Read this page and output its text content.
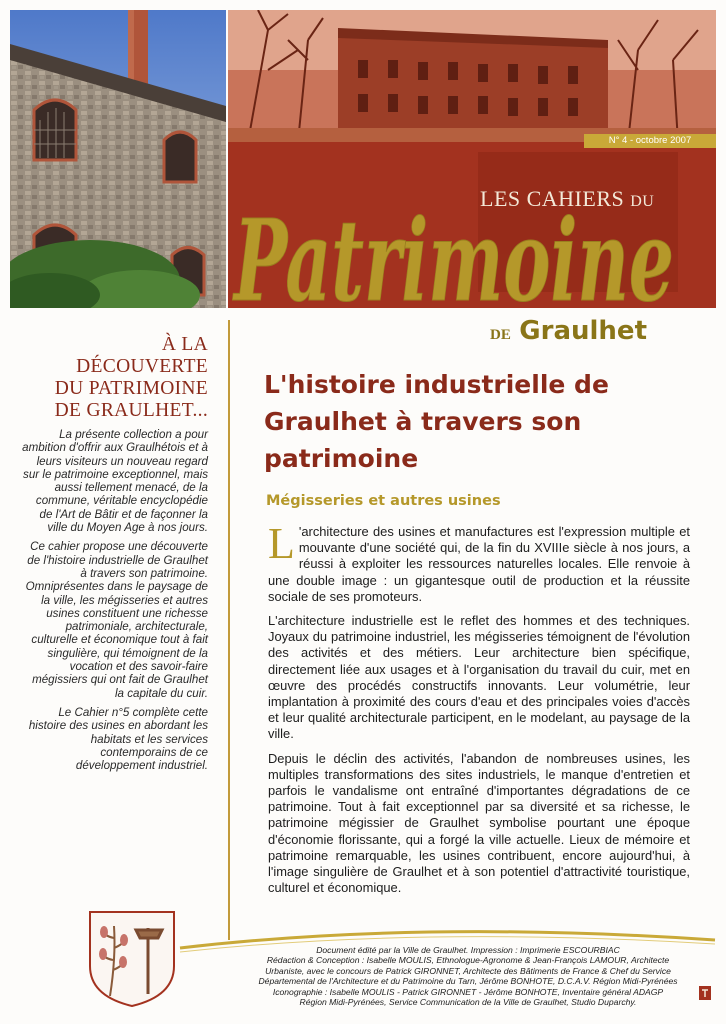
N° 4 - octobre 2007
LES CAHIERS DU
Patrimoine
DE Graulhet
À LA
DÉCOUVERTE
DU PATRIMOINE
DE GRAULHET...

La présente collection a pour ambition d'offrir aux Graulhétois et à leurs visiteurs un nouveau regard sur le patrimoine exceptionnel, mais aussi tellement menacé, de la commune, véritable encyclopédie de l'Art de Bâtir et de façonner la ville du Moyen Age à nos jours.

Ce cahier propose une découverte de l'histoire industrielle de Graulhet à travers son patrimoine. Omniprésentes dans le paysage de la ville, les mégisseries et autres usines constituent une richesse patrimoniale, architecturale, culturelle et économique tout à fait singulière, qui témoignent de la vocation et des savoir-faire mégissiers qui ont fait de Graulhet la capitale du cuir.

Le Cahier n°5 complète cette histoire des usines en abordant les habitats et les services contemporains de ce développement industriel.

L'histoire industrielle de Graulhet à travers son patrimoine
Mégisseries et autres usines

L 'architecture des usines et manufactures est l'expression multiple et mouvante d'une société qui, de la fin du XVIIIe siècle à nos jours, a réussi à exploiter les ressources naturelles locales. Elle renvoie à une double image : un gigantesque outil de production et la réussite sociale de ses promoteurs.

L'architecture industrielle est le reflet des hommes et des techniques. Joyaux du patrimoine industriel, les mégisseries témoignent de l'évolution des activités et des métiers. Leur architecture bien spécifique, directement liée aux usages et à l'organisation du travail du cuir, met en œuvre des procédés constructifs innovants. Leur volumétrie, leur implantation à proximité des cours d'eau et des principales voies d'accès et leur qualité architecturale participent, en le modelant, au paysage de la ville.

Depuis le déclin des activités, l'abandon de nombreuses usines, les multiples transformations des sites industriels, le manque d'entretien et parfois le vandalisme ont entraîné d'importantes dégradations de ce patrimoine. Tout à fait exceptionnel par sa diversité et sa richesse, le patrimoine mégissier de Graulhet symbolise pourtant une époque d'économie florissante, qui a forgé la ville actuelle. Lieux de mémoire et patrimoine remarquable, les usines contribuent, encore aujourd'hui, à l'image singulière de Graulhet et à son potentiel d'attractivité touristique, culturel et économique.

Document édité par la Ville de Graulhet. Impression : Imprimerie ESCOURBIAC
Rédaction & Conception : Isabelle MOULIS, Ethnologue-Agronome & Jean-François LAMOUR, Architecte
Urbaniste, avec le concours de Patrick GIRONNET, Architecte des Bâtiments de France & Chef du Service
Départemental de l'Architecture et du Patrimoine du Tarn, Jérôme BONHOTE, D.C.A.V. Région Midi-Pyrénées
Iconographie : Isabelle MOULIS - Patrick GIRONNET - Jérôme BONHOTE, Inventaire général ADAGP
Région Midi-Pyrénées, Service Communication de la Ville de Graulhet, Studio Duparchy.
